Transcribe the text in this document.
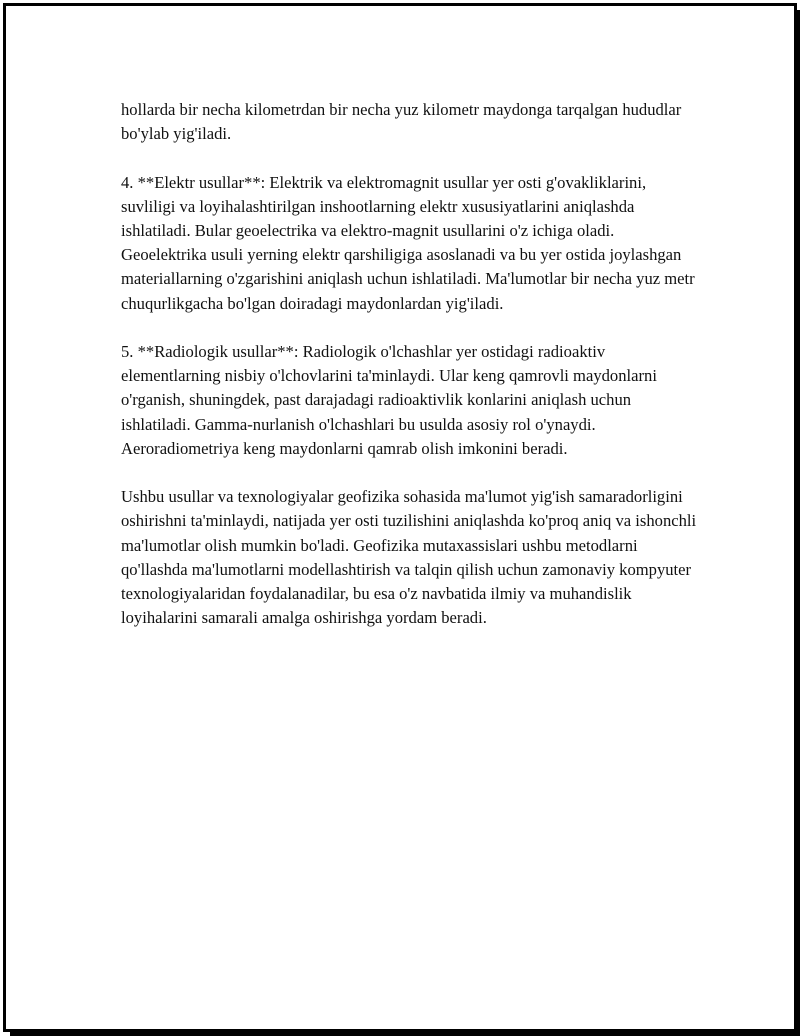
hollarda bir necha kilometrdan bir necha yuz kilometr maydonga tarqalgan hududlar bo'ylab yig'iladi.

4. **Elektr usullar**: Elektrik va elektromagnit usullar yer osti g'ovakliklarini, suvliligi va loyihalashtirilgan inshootlarning elektr xususiyatlarini aniqlashda ishlatiladi. Bular geoelectrika va elektro-magnit usullarini o'z ichiga oladi. Geoelektrika usuli yerning elektr qarshiligiga asoslanadi va bu yer ostida joylashgan materiallarning o'zgarishini aniqlash uchun ishlatiladi. Ma'lumotlar bir necha yuz metr chuqurlikgacha bo'lgan doiradagi maydonlardan yig'iladi.

5. **Radiologik usullar**: Radiologik o'lchashlar yer ostidagi radioaktiv elementlarning nisbiy o'lchovlarini ta'minlaydi. Ular keng qamrovli maydonlarni o'rganish, shuningdek, past darajadagi radioaktivlik konlarini aniqlash uchun ishlatiladi. Gamma-nurlanish o'lchashlari bu usulda asosiy rol o'ynaydi. Aeroradiometriya keng maydonlarni qamrab olish imkonini beradi.

Ushbu usullar va texnologiyalar geofizika sohasida ma'lumot yig'ish samaradorligini oshirishni ta'minlaydi, natijada yer osti tuzilishini aniqlashda ko'proq aniq va ishonchli ma'lumotlar olish mumkin bo'ladi. Geofizika mutaxassislari ushbu metodlarni qo'llashda ma'lumotlarni modellashtirish va talqin qilish uchun zamonaviy kompyuter texnologiyalaridan foydalanadilar, bu esa o'z navbatida ilmiy va muhandislik loyihalarini samarali amalga oshirishga yordam beradi.
